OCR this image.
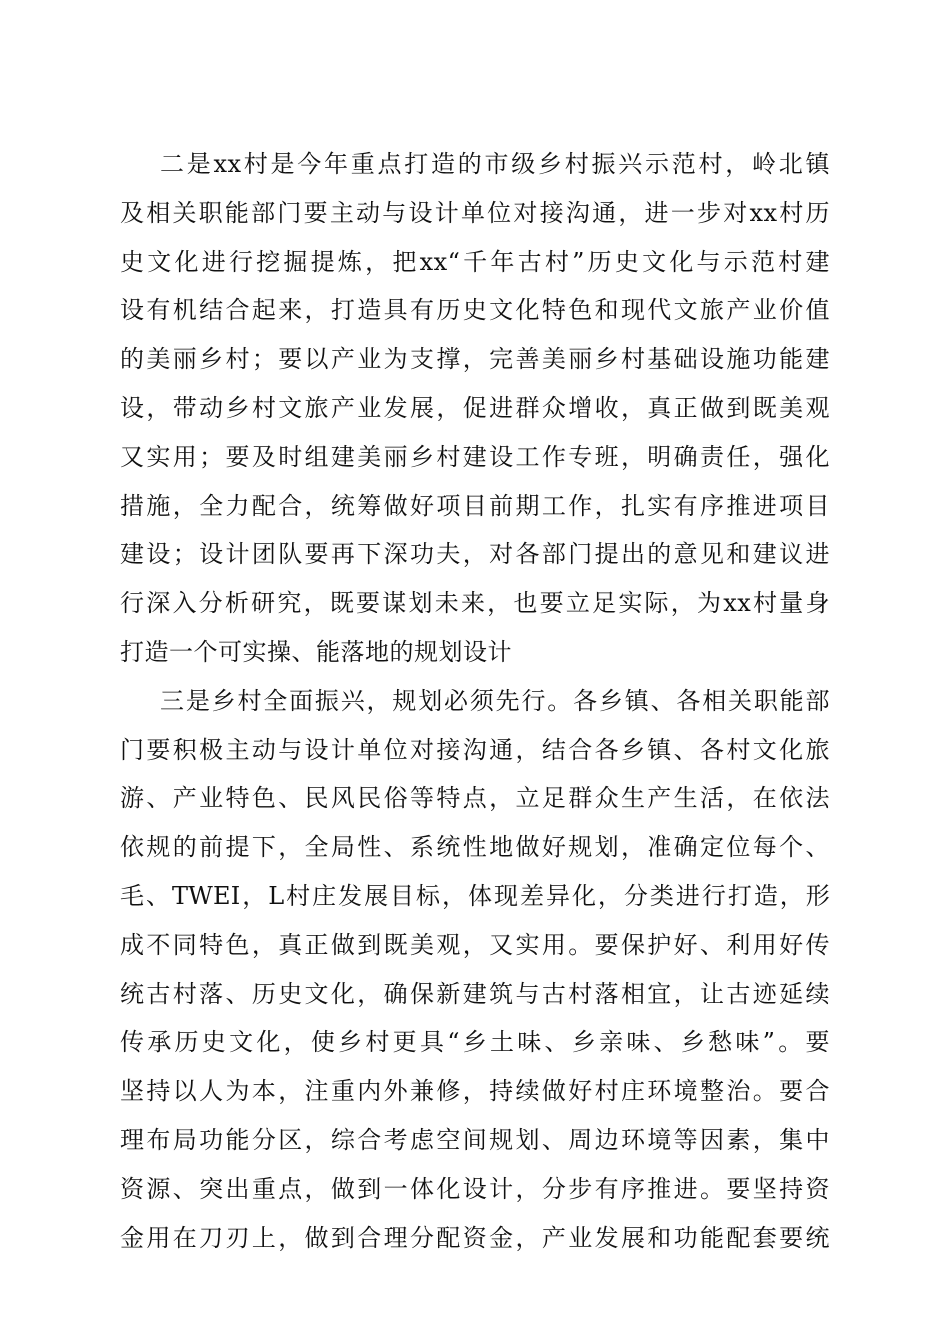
二是xx村是今年重点打造的市级乡村振兴示范村，岭北镇
及相关职能部门要主动与设计单位对接沟通，进一步对xx村历
史文化进行挖掘提炼，把xx“千年古村”历史文化与示范村建
设有机结合起来，打造具有历史文化特色和现代文旅产业价值
的美丽乡村；要以产业为支撑，完善美丽乡村基础设施功能建
设，带动乡村文旅产业发展，促进群众增收，真正做到既美观
又实用；要及时组建美丽乡村建设工作专班，明确责任，强化
措施，全力配合，统筹做好项目前期工作，扎实有序推进项目
建设；设计团队要再下深功夫，对各部门提出的意见和建议进
行深入分析研究，既要谋划未来，也要立足实际，为xx村量身
打造一个可实操、能落地的规划设计
三是乡村全面振兴，规划必须先行。各乡镇、各相关职能部
门要积极主动与设计单位对接沟通，结合各乡镇、各村文化旅
游、产业特色、民风民俗等特点，立足群众生产生活，在依法
依规的前提下，全局性、系统性地做好规划，准确定位每个、
毛、TWEI，L村庄发展目标，体现差异化，分类进行打造，形
成不同特色，真正做到既美观，又实用。要保护好、利用好传
统古村落、历史文化，确保新建筑与古村落相宜，让古迹延续
传承历史文化，使乡村更具“乡土味、乡亲味、乡愁味”。要
坚持以人为本，注重内外兼修，持续做好村庄环境整治。要合
理布局功能分区，综合考虑空间规划、周边环境等因素，集中
资源、突出重点，做到一体化设计，分步有序推进。要坚持资
金用在刀刃上，做到合理分配资金，产业发展和功能配套要统
